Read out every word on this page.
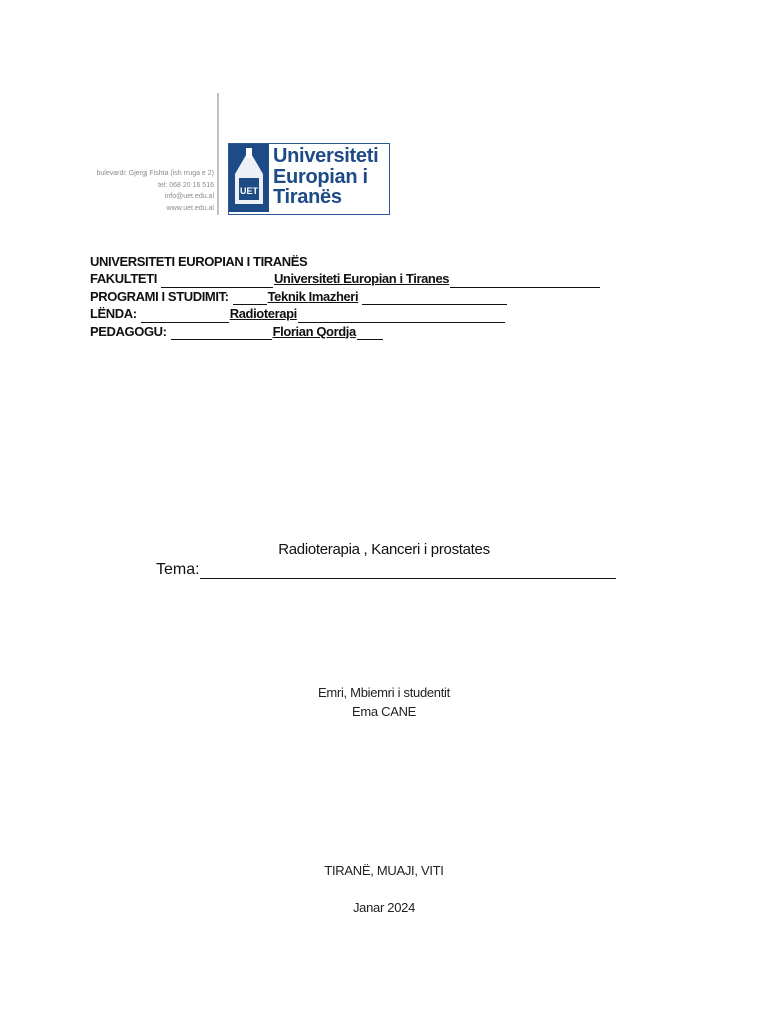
bulevardi: Gjergj Fishta (ish rruga e 2)
tel: 068 20 16 516
info@uet.edu.al
www.uet.edu.al
UET
Universiteti
Europian i
Tiranës
UNIVERSITETI EUROPIAN I TIRANËS
FAKULTETI	Universiteti Europian i Tiranes
PROGRAMI I STUDIMIT:	Teknik Imazheri
LËNDA:	Radioterapi
PEDAGOGU:	Florian Qordja
Radioterapia , Kanceri i prostates
Tema:
Emri, Mbiemri i studentit
Ema CANE
TIRANË, MUAJI, VITI
Janar 2024
